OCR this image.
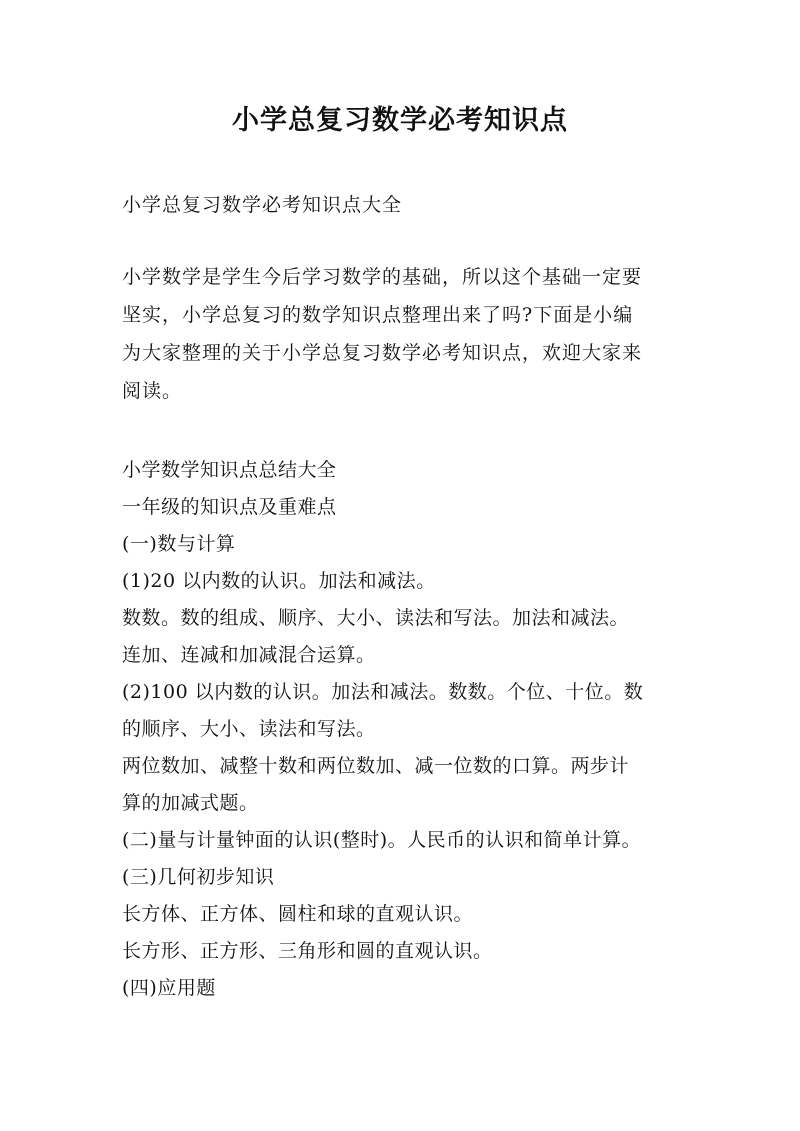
小学总复习数学必考知识点
小学总复习数学必考知识点大全
小学数学是学生今后学习数学的基础，所以这个基础一定要
坚实，小学总复习的数学知识点整理出来了吗?下面是小编
为大家整理的关于小学总复习数学必考知识点，欢迎大家来
阅读。
小学数学知识点总结大全
一年级的知识点及重难点
(一)数与计算
(1)20 以内数的认识。加法和减法。
数数。数的组成、顺序、大小、读法和写法。加法和减法。
连加、连减和加减混合运算。
(2)100 以内数的认识。加法和减法。数数。个位、十位。数
的顺序、大小、读法和写法。
两位数加、减整十数和两位数加、减一位数的口算。两步计
算的加减式题。
(二)量与计量钟面的认识(整时)。人民币的认识和简单计算。
(三)几何初步知识
长方体、正方体、圆柱和球的直观认识。
长方形、正方形、三角形和圆的直观认识。
(四)应用题
